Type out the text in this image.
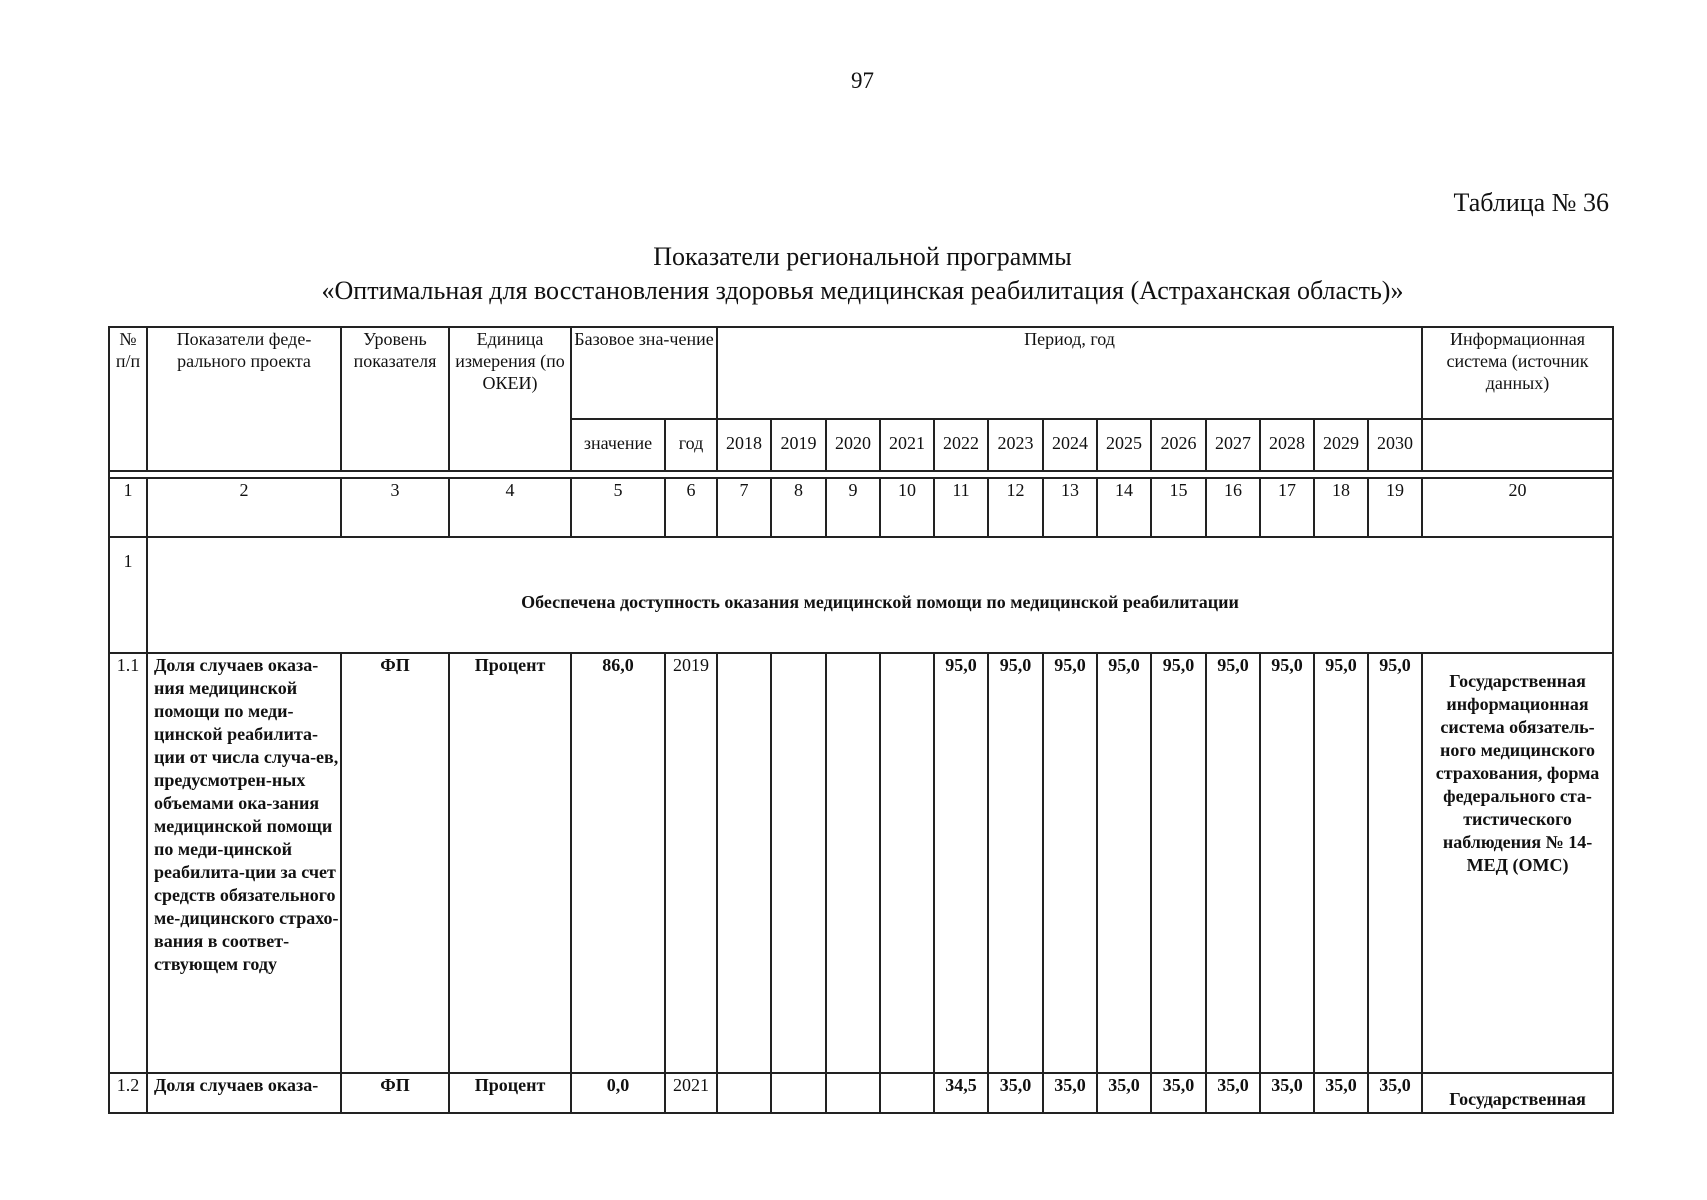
97
Таблица № 36
Показатели региональной программы
«Оптимальная для восстановления здоровья медицинская реабилитация (Астраханская область)»
№ п/п	Показатели феде-рального проекта	Уровень показателя	Единица измерения (по ОКЕИ)	Базовое зна-чение		Период, год													Информационная система (источник данных)
				значение	год	2018	2019	2020	2021	2022	2023	2024	2025	2026	2027	2028	2029	2030	

1	2	3	4	5	6	7	8	9	10	11	12	13	14	15	16	17	18	19	20
1	Обеспечена доступность оказания медицинской помощи по медицинской реабилитации																		
1.1	Доля случаев оказа-ния медицинской помощи по меди-цинской реабилита-ции от числа случа-ев, предусмотрен-ных объемами ока-зания медицинской помощи по меди-цинской реабилита-ции за счет средств обязательного ме-дицинского страхо-вания в соответ-ствующем году	ФП	Процент	86,0	2019					95,0	95,0	95,0	95,0	95,0	95,0	95,0	95,0	95,0	Государственная информационная система обязатель-ного медицинского страхования, форма федерального ста-тистического наблюдения № 14-МЕД (ОМС)
1.2	Доля случаев оказа-	ФП	Процент	0,0	2021					34,5	35,0	35,0	35,0	35,0	35,0	35,0	35,0	35,0	Государственная
